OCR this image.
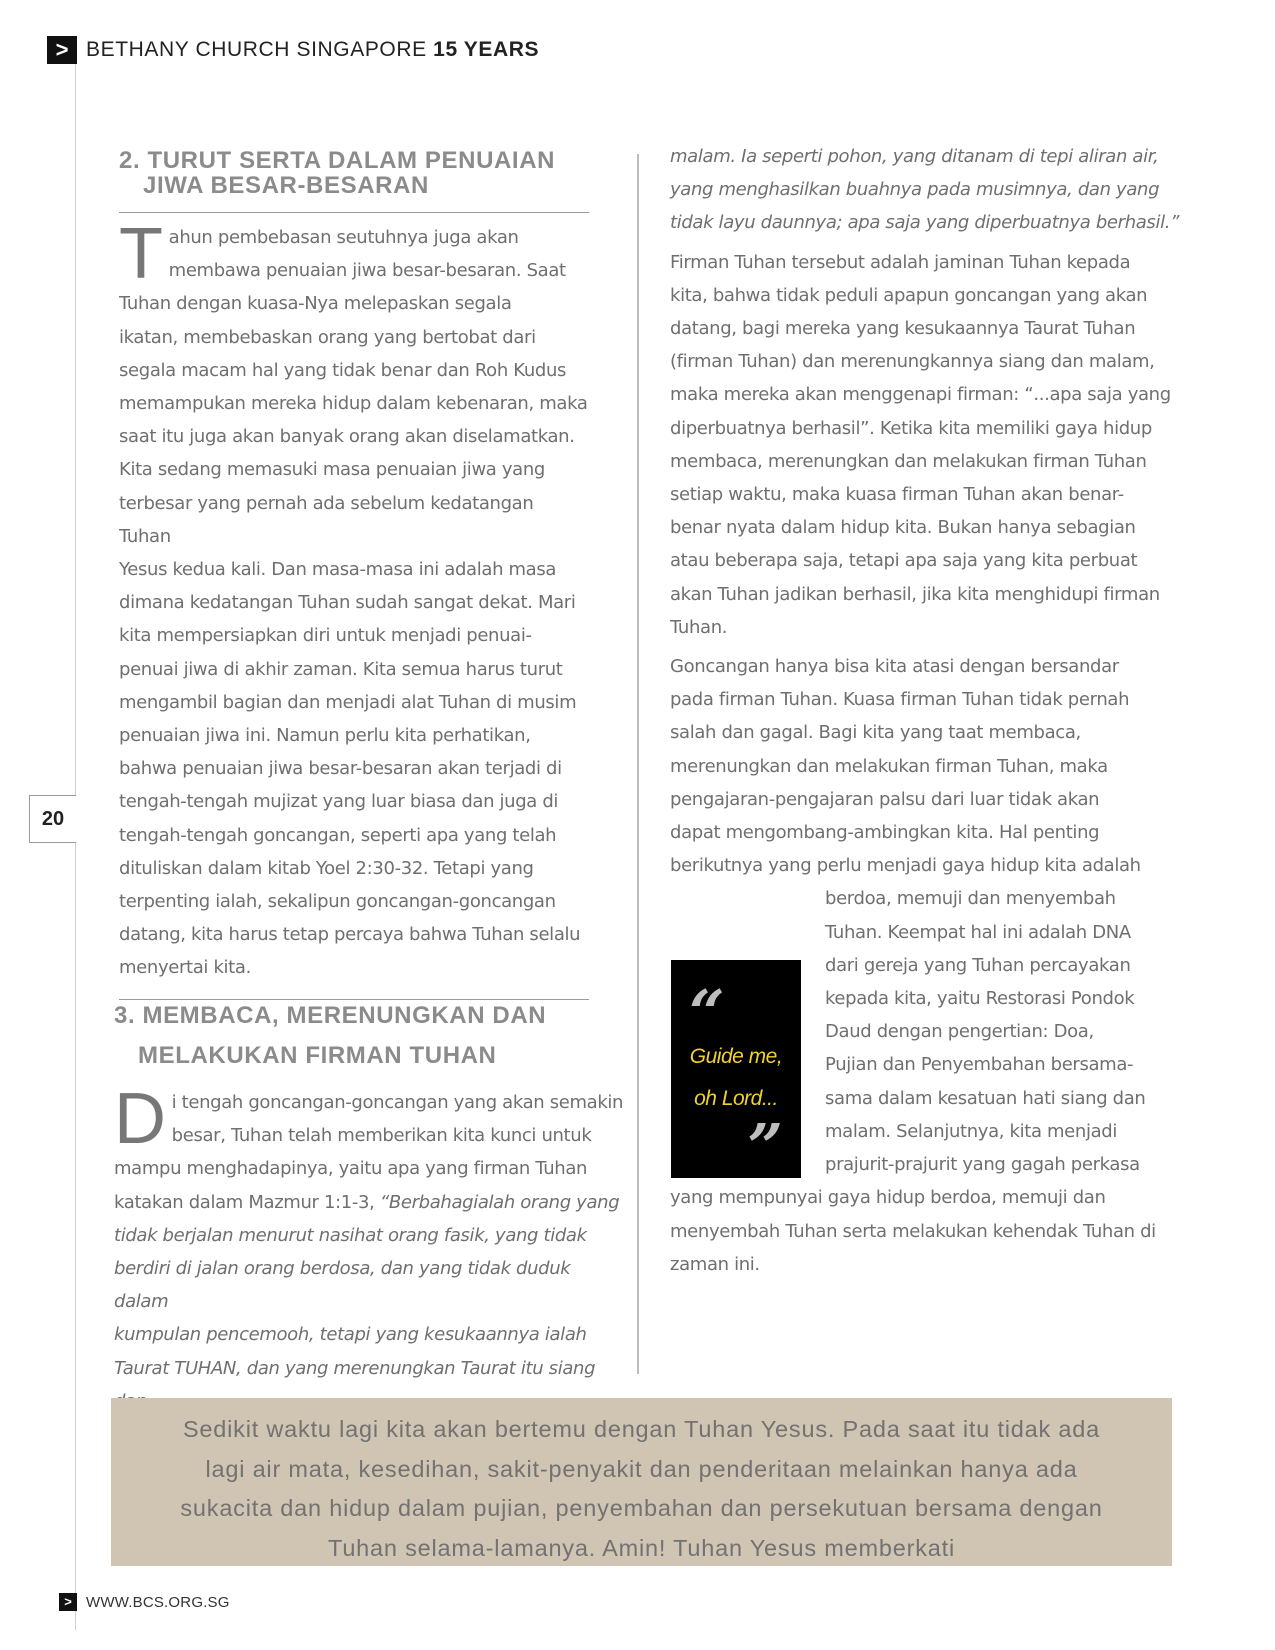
> BETHANY CHURCH SINGAPORE 15 YEARS
20
2. TURUT SERTA DALAM PENUAIAN
JIWA BESAR-BESARAN
T ahun pembebasan seutuhnya juga akan
membawa penuaian jiwa besar-besaran. Saat
Tuhan dengan kuasa-Nya melepaskan segala
ikatan, membebaskan orang yang bertobat dari
segala macam hal yang tidak benar dan Roh Kudus
memampukan mereka hidup dalam kebenaran, maka
saat itu juga akan banyak orang akan diselamatkan.
Kita sedang memasuki masa penuaian jiwa yang
terbesar yang pernah ada sebelum kedatangan Tuhan
Yesus kedua kali. Dan masa-masa ini adalah masa
dimana kedatangan Tuhan sudah sangat dekat. Mari
kita mempersiapkan diri untuk menjadi penuai-
penuai jiwa di akhir zaman. Kita semua harus turut
mengambil bagian dan menjadi alat Tuhan di musim
penuaian jiwa ini. Namun perlu kita perhatikan,
bahwa penuaian jiwa besar-besaran akan terjadi di
tengah-tengah mujizat yang luar biasa dan juga di
tengah-tengah goncangan, seperti apa yang telah
dituliskan dalam kitab Yoel 2:30-32. Tetapi yang
terpenting ialah, sekalipun goncangan-goncangan
datang, kita harus tetap percaya bahwa Tuhan selalu
menyertai kita.
3. MEMBACA, MERENUNGKAN DAN
MELAKUKAN FIRMAN TUHAN
D i tengah goncangan-goncangan yang akan semakin
besar, Tuhan telah memberikan kita kunci untuk
mampu menghadapinya, yaitu apa yang firman Tuhan
katakan dalam Mazmur 1:1-3, “Berbahagialah orang yang
tidak berjalan menurut nasihat orang fasik, yang tidak
berdiri di jalan orang berdosa, dan yang tidak duduk dalam
kumpulan pencemooh, tetapi yang kesukaannya ialah
Taurat TUHAN, dan yang merenungkan Taurat itu siang
malam. Ia seperti pohon, yang ditanam di tepi aliran air,
yang menghasilkan buahnya pada musimnya, dan yang
tidak layu daunnya; apa saja yang diperbuatnya berhasil.”
Firman Tuhan tersebut adalah jaminan Tuhan kepada
kita, bahwa tidak peduli apapun goncangan yang akan
datang, bagi mereka yang kesukaannya Taurat Tuhan
(firman Tuhan) dan merenungkannya siang dan malam,
maka mereka akan menggenapi firman: “...apa saja yang
diperbuatnya berhasil”. Ketika kita memiliki gaya hidup
membaca, merenungkan dan melakukan firman Tuhan
setiap waktu, maka kuasa firman Tuhan akan benar-
benar nyata dalam hidup kita. Bukan hanya sebagian
atau beberapa saja, tetapi apa saja yang kita perbuat
akan Tuhan jadikan berhasil, jika kita menghidupi firman
Tuhan.
Goncangan hanya bisa kita atasi dengan bersandar
pada firman Tuhan. Kuasa firman Tuhan tidak pernah
salah dan gagal. Bagi kita yang taat membaca,
merenungkan dan melakukan firman Tuhan, maka
pengajaran-pengajaran palsu dari luar tidak akan
dapat mengombang-ambingkan kita. Hal penting
berikutnya yang perlu menjadi gaya hidup kita adalah
berdoa, memuji dan menyembah
Tuhan. Keempat hal ini adalah DNA
dari gereja yang Tuhan percayakan
kepada kita, yaitu Restorasi Pondok
Daud dengan pengertian: Doa,
Pujian dan Penyembahan bersama-
sama dalam kesatuan hati siang dan
malam. Selanjutnya, kita menjadi
prajurit-prajurit yang gagah perkasa
yang mempunyai gaya hidup berdoa, memuji dan
menyembah Tuhan serta melakukan kehendak Tuhan di
zaman ini.
“
Guide me,
oh Lord...
”
Sedikit waktu lagi kita akan bertemu dengan Tuhan Yesus. Pada saat itu tidak ada
lagi air mata, kesedihan, sakit-penyakit dan penderitaan melainkan hanya ada
sukacita dan hidup dalam pujian, penyembahan dan persekutuan bersama dengan
Tuhan selama-lamanya. Amin! Tuhan Yesus memberkati
> WWW.BCS.ORG.SG
